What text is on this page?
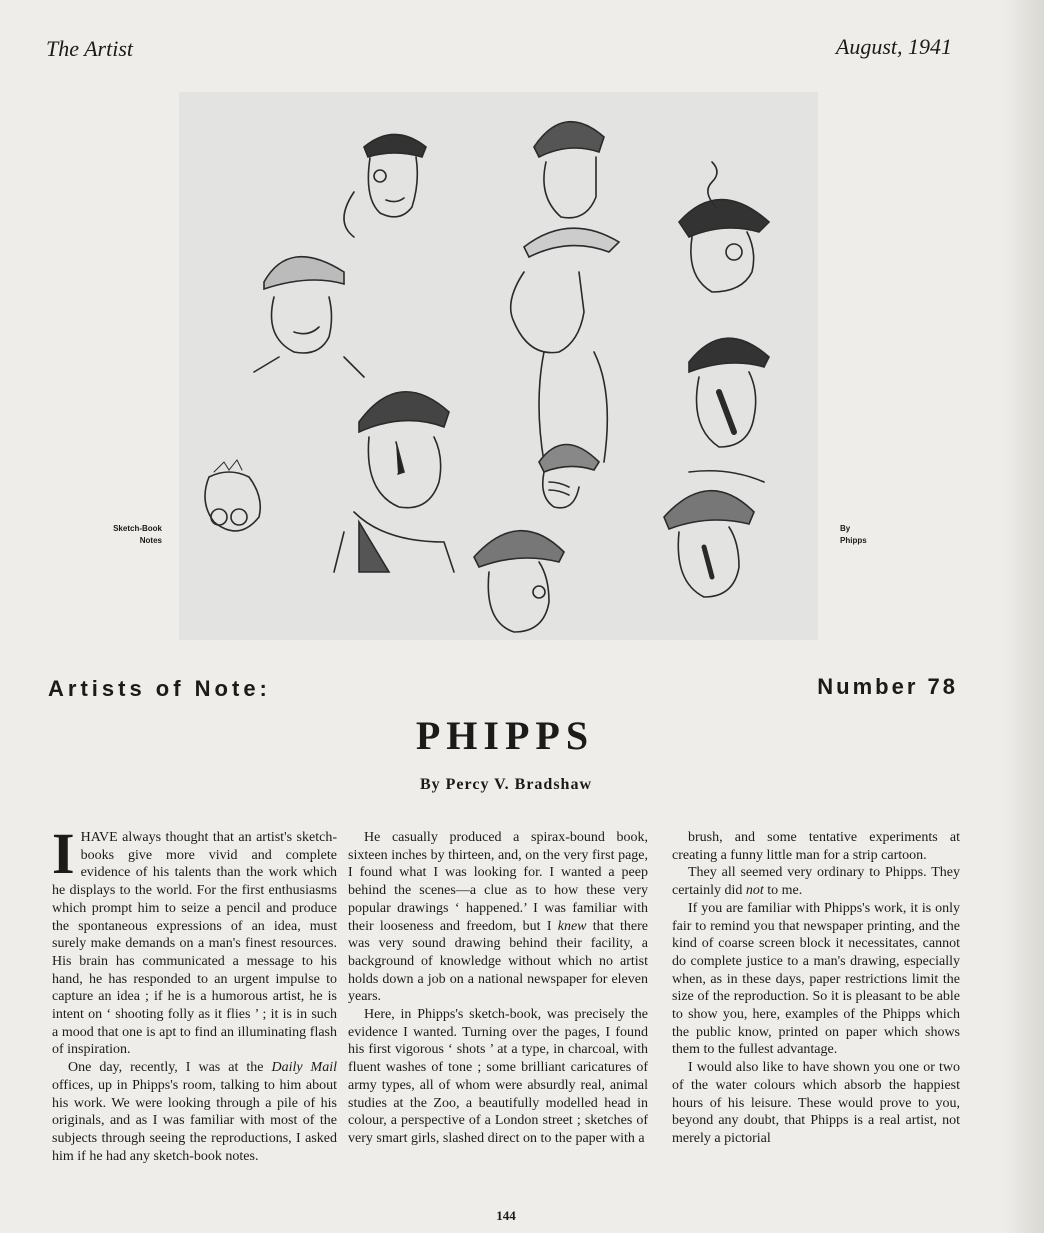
The Artist	August, 1941
Sketch-Book
Notes
By
Phipps
Artists of Note:	Number 78
PHIPPS
By Percy V. Bradshaw
I HAVE always thought that an artist's sketch-books give more vivid and complete evidence of his talents than the work which he displays to the world. For the first enthusiasms which prompt him to seize a pencil and produce the spontaneous expressions of an idea, must surely make demands on a man's finest resources. His brain has communicated a message to his hand, he has responded to an urgent impulse to capture an idea ; if he is a humorous artist, he is intent on ‘ shooting folly as it flies ’ ; it is in such a mood that one is apt to find an illuminating flash of inspiration.

One day, recently, I was at the Daily Mail offices, up in Phipps's room, talking to him about his work. We were looking through a pile of his originals, and as I was familiar with most of the subjects through seeing the reproductions, I asked him if he had any sketch-book notes.

He casually produced a spirax-bound book, sixteen inches by thirteen, and, on the very first page, I found what I was looking for. I wanted a peep behind the scenes—a clue as to how these very popular drawings ‘ happened.’ I was familiar with their looseness and freedom, but I knew that there was very sound drawing behind their facility, a background of knowledge without which no artist holds down a job on a national newspaper for eleven years.

Here, in Phipps's sketch-book, was precisely the evidence I wanted. Turning over the pages, I found his first vigorous ‘ shots ’ at a type, in charcoal, with fluent washes of tone ; some brilliant caricatures of army types, all of whom were absurdly real, animal studies at the Zoo, a beautifully modelled head in colour, a perspective of a London street ; sketches of very smart girls, slashed direct on to the paper with a

brush, and some tentative experiments at creating a funny little man for a strip cartoon.

They all seemed very ordinary to Phipps. They certainly did not to me.

If you are familiar with Phipps's work, it is only fair to remind you that newspaper printing, and the kind of coarse screen block it necessitates, cannot do complete justice to a man's drawing, especially when, as in these days, paper restrictions limit the size of the reproduction. So it is pleasant to be able to show you, here, examples of the Phipps which the public know, printed on paper which shows them to the fullest advantage.

I would also like to have shown you one or two of the water colours which absorb the happiest hours of his leisure. These would prove to you, beyond any doubt, that Phipps is a real artist, not merely a pictorial

144
